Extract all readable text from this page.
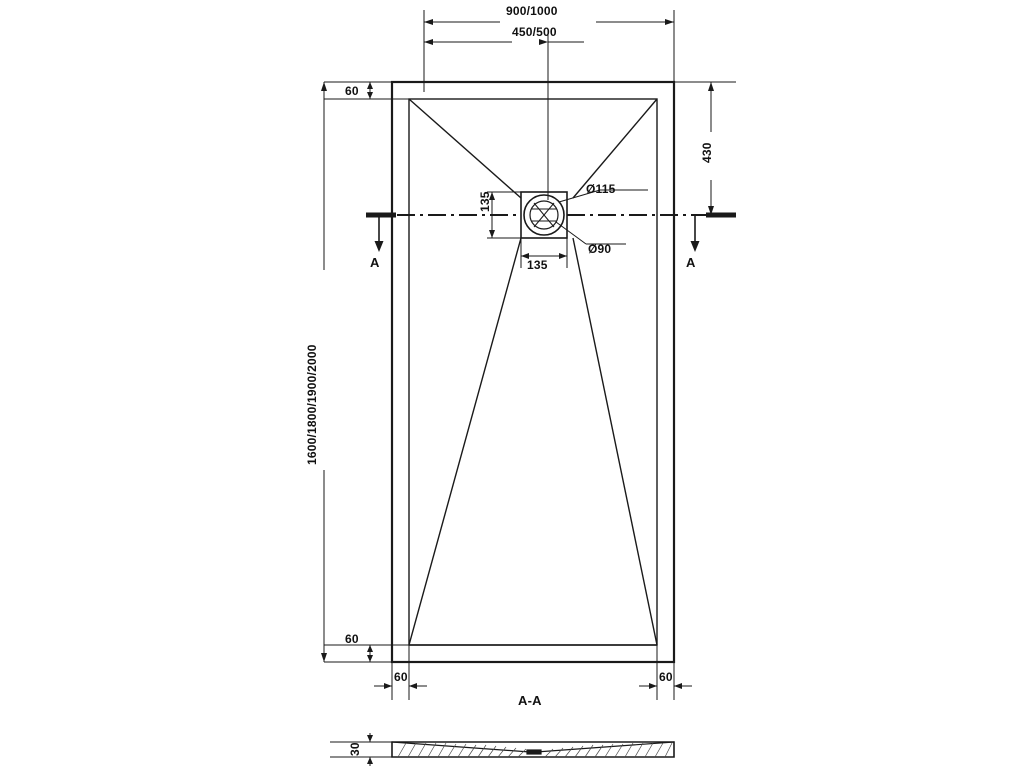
900/1000
450/500
60
430
1600/1800/1900/2000
135
135
Ø115
Ø90
A	A
60
60	60
A-A
30
